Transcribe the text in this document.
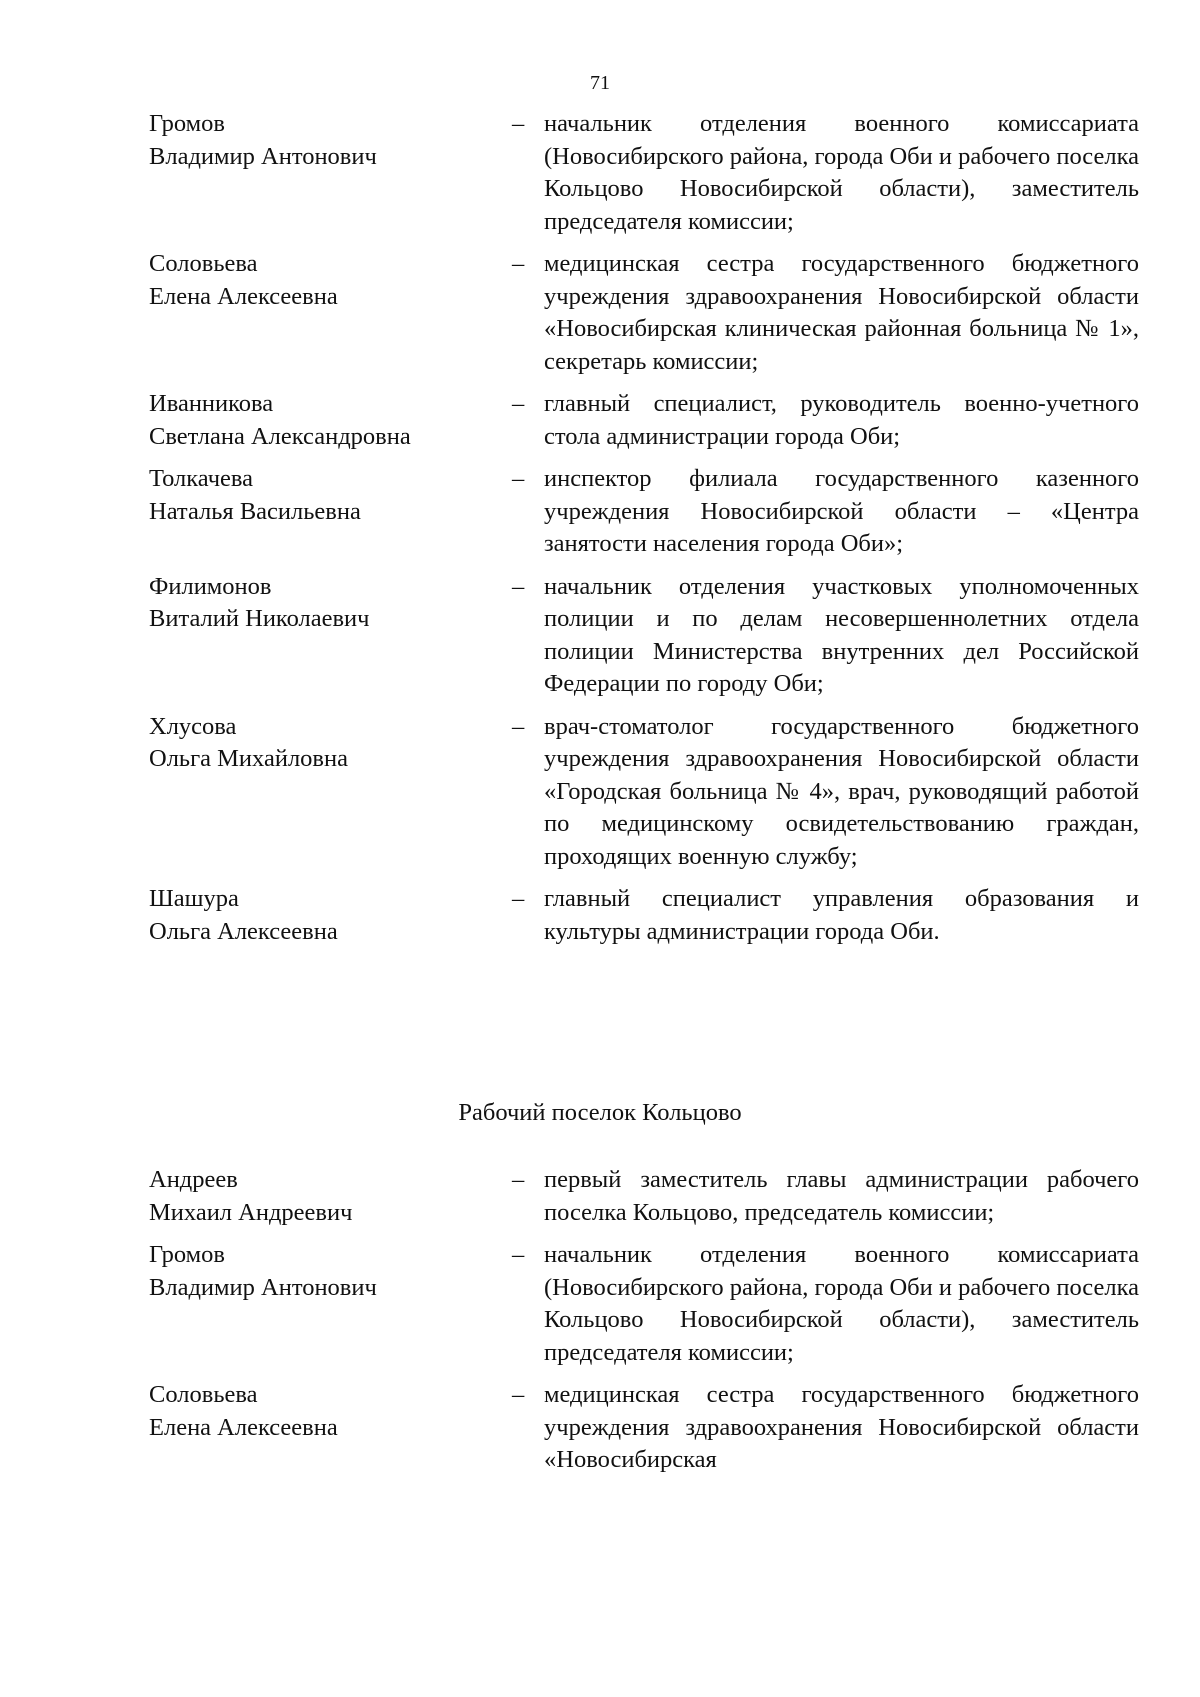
71
Громов
Владимир Антонович
– начальник отделения военного комиссариата (Новосибирского района, города Оби и рабочего поселка Кольцово Новосибирской области), заместитель председателя комиссии;
Соловьева
Елена Алексеевна
– медицинская сестра государственного бюджетного учреждения здравоохранения Новосибирской области «Новосибирская клиническая районная больница № 1», секретарь комиссии;
Иванникова
Светлана Александровна
– главный специалист, руководитель военно-учетного стола администрации города Оби;
Толкачева
Наталья Васильевна
– инспектор филиала государственного казенного учреждения Новосибирской области – «Центра занятости населения города Оби»;
Филимонов
Виталий Николаевич
– начальник отделения участковых уполномоченных полиции и по делам несовершеннолетних отдела полиции Министерства внутренних дел Российской Федерации по городу Оби;
Хлусова
Ольга Михайловна
– врач-стоматолог государственного бюджетного учреждения здравоохранения Новосибирской области «Городская больница № 4», врач, руководящий работой по медицинскому освидетельствованию граждан, проходящих военную службу;
Шашура
Ольга Алексеевна
– главный специалист управления образования и культуры администрации города Оби.
Рабочий поселок Кольцово
Андреев
Михаил Андреевич
– первый заместитель главы администрации рабочего поселка Кольцово, председатель комиссии;
Громов
Владимир Антонович
– начальник отделения военного комиссариата (Новосибирского района, города Оби и рабочего поселка Кольцово Новосибирской области), заместитель председателя комиссии;
Соловьева
Елена Алексеевна
– медицинская сестра государственного бюджетного учреждения здравоохранения Новосибирской области «Новосибирская
